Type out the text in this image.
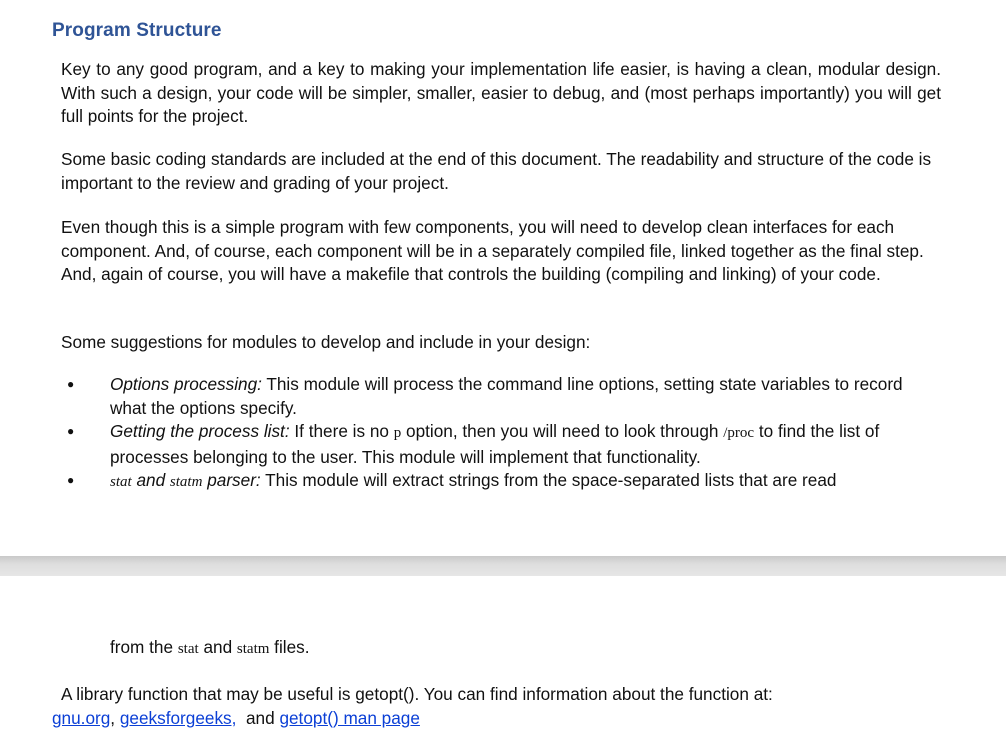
Program Structure

Key to any good program, and a key to making your implementation life easier, is having a clean, modular design. With such a design, your code will be simpler, smaller, easier to debug, and (most perhaps importantly) you will get full points for the project.

Some basic coding standards are included at the end of this document. The readability and structure of the code is important to the review and grading of your project.

Even though this is a simple program with few components, you will need to develop clean interfaces for each component. And, of course, each component will be in a separately compiled file, linked together as the final step. And, again of course, you will have a makefile that controls the building (compiling and linking) of your code.

Some suggestions for modules to develop and include in your design:

● Options processing: This module will process the command line options, setting state variables to record what the options specify.
● Getting the process list: If there is no p option, then you will need to look through /proc to find the list of processes belonging to the user. This module will implement that functionality.
● stat and statm parser: This module will extract strings from the space-separated lists that are read
from the stat and statm files.
A library function that may be useful is getopt(). You can find information about the function at:
gnu.org, geeksforgeeks,  and getopt() man page
